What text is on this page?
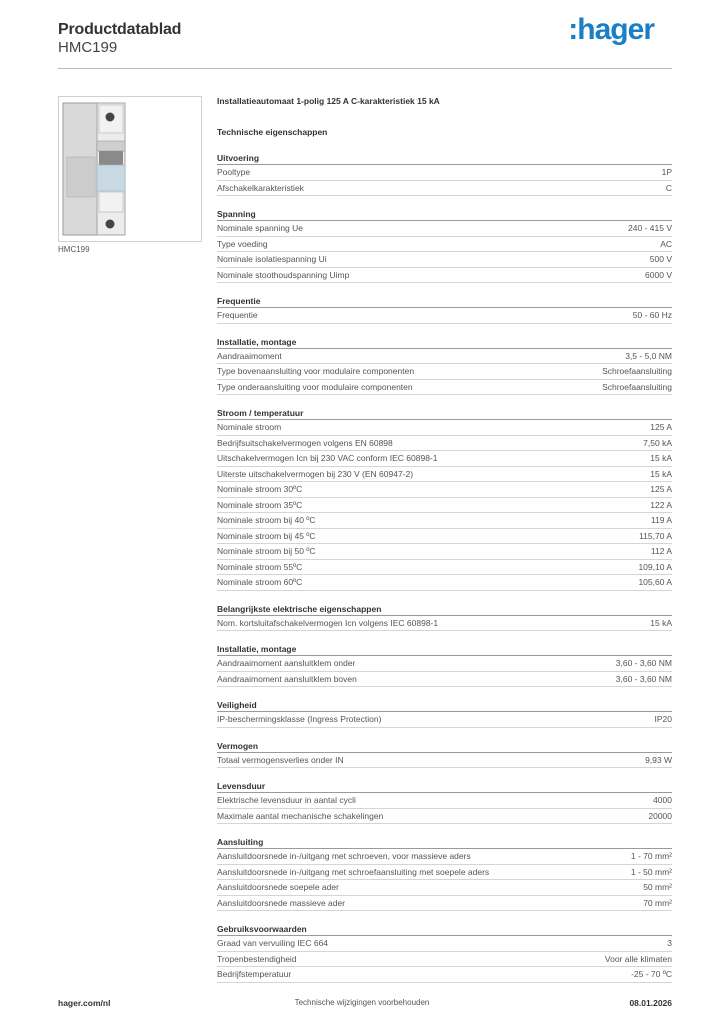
Productdatablad
HMC199
:hager
HMC199
Installatieautomaat 1-polig 125 A C-karakteristiek 15 kA
Technische eigenschappen
Uitvoering
Pooltype	1P
Afschakelkarakteristiek	C
Spanning
Nominale spanning Ue	240 - 415 V
Type voeding	AC
Nominale isolatiespanning Ui	500 V
Nominale stoothoudspanning Uimp	6000 V
Frequentie
Frequentie	50 - 60 Hz
Installatie, montage
Aandraaimoment	3,5 - 5,0 NM
Type bovenaansluiting voor modulaire componenten	Schroefaansluiting
Type onderaansluiting voor modulaire componenten	Schroefaansluiting
Stroom / temperatuur
Nominale stroom	125 A
Bedrijfsuitschakelvermogen volgens EN 60898	7,50 kA
Uitschakelvermogen Icn bij 230 VAC conform IEC 60898-1	15 kA
Uiterste uitschakelvermogen bij 230 V (EN 60947-2)	15 kA
Nominale stroom 30ºC	125 A
Nominale stroom 35ºC	122 A
Nominale stroom bij 40 ºC	119 A
Nominale stroom bij 45 ºC	115,70 A
Nominale stroom bij 50 ºC	112 A
Nominale stroom 55ºC	109,10 A
Nominale stroom 60ºC	105,60 A
Belangrijkste elektrische eigenschappen
Nom. kortsluitafschakelvermogen Icn volgens IEC 60898-1	15 kA
Installatie, montage
Aandraaimoment aansluitklem onder	3,60 - 3,60 NM
Aandraaimoment aansluitklem boven	3,60 - 3,60 NM
Veiligheid
IP-beschermingsklasse (Ingress Protection)	IP20
Vermogen
Totaal vermogensverlies onder IN	9,93 W
Levensduur
Elektrische levensduur in aantal cycli	4000
Maximale aantal mechanische schakelingen	20000
Aansluiting
Aansluitdoorsnede in-/uitgang met schroeven, voor massieve aders	1 - 70 mm²
Aansluitdoorsnede in-/uitgang met schroefaansluiting met soepele aders	1 - 50 mm²
Aansluitdoorsnede soepele ader	50 mm²
Aansluitdoorsnede massieve ader	70 mm²
Gebruiksvoorwaarden
Graad van vervuiling IEC 664	3
Tropenbestendigheid	Voor alle klimaten
Bedrijfstemperatuur	-25 - 70 ºC
hager.com/nl	Technische wijzigingen voorbehouden	08.01.2026
